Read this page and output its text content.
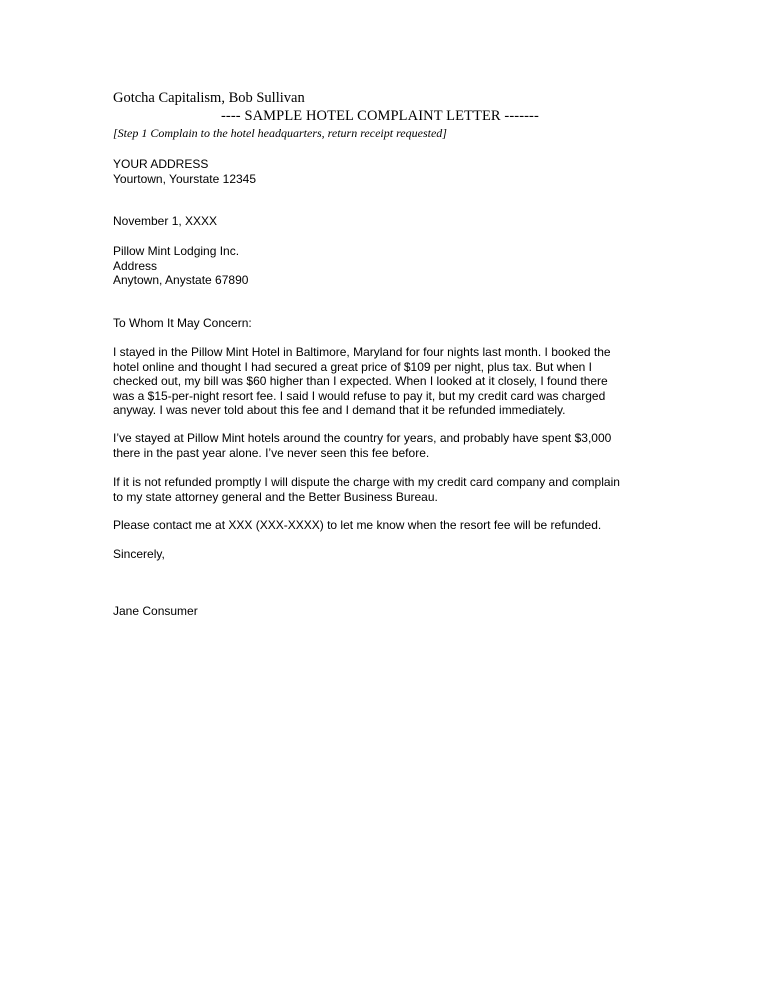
Gotcha Capitalism, Bob Sullivan
---- SAMPLE HOTEL COMPLAINT LETTER -------
[Step 1 Complain to the hotel headquarters, return receipt requested]
YOUR ADDRESS
Yourtown, Yourstate 12345
November 1, XXXX
Pillow Mint Lodging Inc.
Address
Anytown, Anystate 67890
To Whom It May Concern:
I stayed in the Pillow Mint Hotel in Baltimore, Maryland for four nights last month. I booked the
hotel online and thought I had secured a great price of $109 per night, plus tax. But when I
checked out, my bill was $60 higher than I expected. When I looked at it closely, I found there
was a $15-per-night resort fee. I said I would refuse to pay it, but my credit card was charged
anyway. I was never told about this fee and I demand that it be refunded immediately.
I’ve stayed at Pillow Mint hotels around the country for years, and probably have spent $3,000
there in the past year alone. I’ve never seen this fee before.
If it is not refunded promptly I will dispute the charge with my credit card company and complain
to my state attorney general and the Better Business Bureau.
Please contact me at XXX (XXX-XXXX) to let me know when the resort fee will be refunded.
Sincerely,
Jane Consumer
